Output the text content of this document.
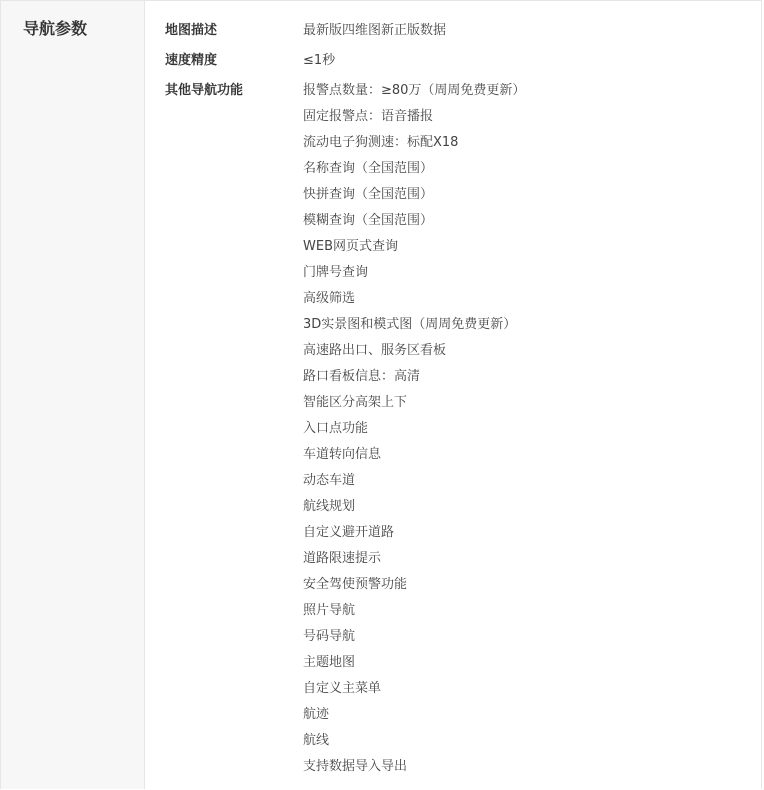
导航参数	地图描述	最新版四维图新正版数据
速度精度	≤1秒
其他导航功能	报警点数量：≥80万（周周免费更新）
固定报警点：语音播报
流动电子狗测速：标配X18
名称查询（全国范围）
快拼查询（全国范围）
模糊查询（全国范围）
WEB网页式查询
门牌号查询
高级筛选
3D实景图和模式图（周周免费更新）
高速路出口、服务区看板
路口看板信息：高清
智能区分高架上下
入口点功能
车道转向信息
动态车道
航线规划
自定义避开道路
道路限速提示
安全驾使预警功能
照片导航
号码导航
主题地图
自定义主菜单
航迹
航线
支持数据导入导出
